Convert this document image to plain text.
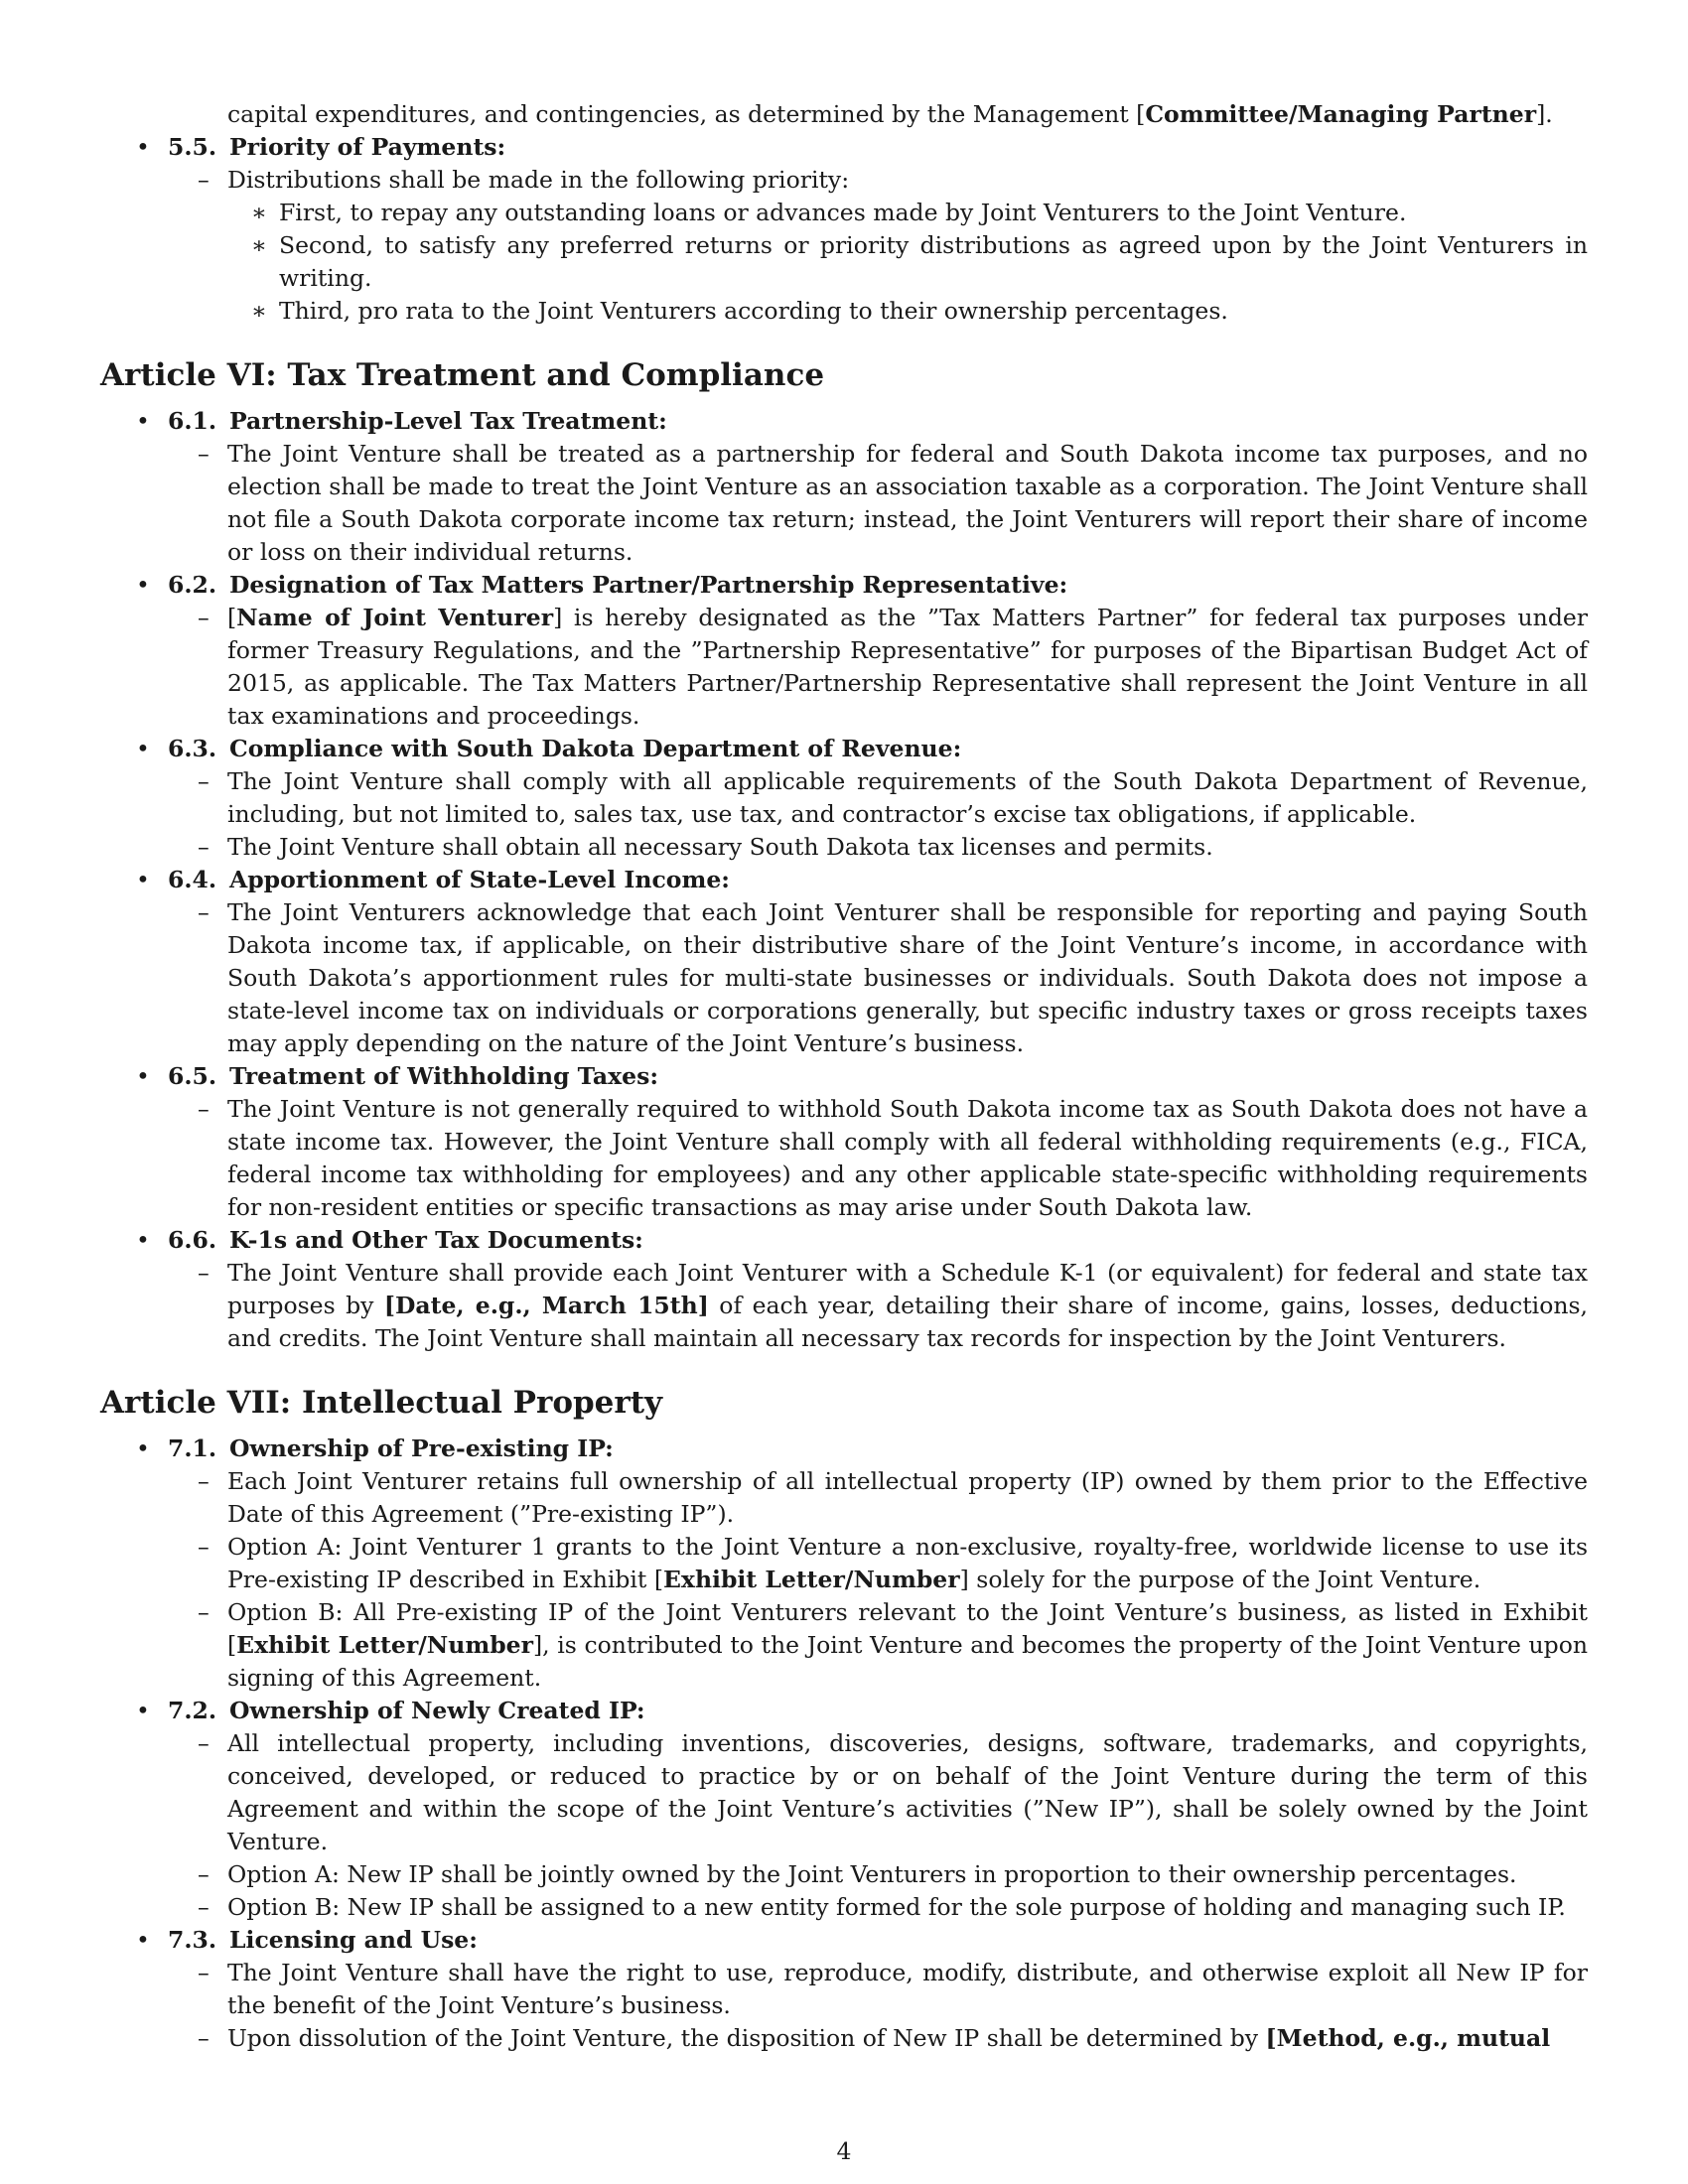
capital expenditures, and contingencies, as determined by the Management [Committee/Managing Partner].
• 5.5. Priority of Payments:
– Distributions shall be made in the following priority:
∗ First, to repay any outstanding loans or advances made by Joint Venturers to the Joint Venture.
∗ Second, to satisfy any preferred returns or priority distributions as agreed upon by the Joint Venturers in writing.
∗ Third, pro rata to the Joint Venturers according to their ownership percentages.
Article VI: Tax Treatment and Compliance
• 6.1. Partnership-Level Tax Treatment:
– The Joint Venture shall be treated as a partnership for federal and South Dakota income tax purposes, and no election shall be made to treat the Joint Venture as an association taxable as a corporation. The Joint Venture shall not file a South Dakota corporate income tax return; instead, the Joint Venturers will report their share of income or loss on their individual returns.
• 6.2. Designation of Tax Matters Partner/Partnership Representative:
– [Name of Joint Venturer] is hereby designated as the ”Tax Matters Partner” for federal tax purposes under former Treasury Regulations, and the ”Partnership Representative” for purposes of the Bipartisan Budget Act of 2015, as applicable. The Tax Matters Partner/Partnership Representative shall represent the Joint Venture in all tax examinations and proceedings.
• 6.3. Compliance with South Dakota Department of Revenue:
– The Joint Venture shall comply with all applicable requirements of the South Dakota Department of Revenue, including, but not limited to, sales tax, use tax, and contractor’s excise tax obligations, if applicable.
– The Joint Venture shall obtain all necessary South Dakota tax licenses and permits.
• 6.4. Apportionment of State-Level Income:
– The Joint Venturers acknowledge that each Joint Venturer shall be responsible for reporting and paying South Dakota income tax, if applicable, on their distributive share of the Joint Venture’s income, in accordance with South Dakota’s apportionment rules for multi-state businesses or individuals. South Dakota does not impose a state-level income tax on individuals or corporations generally, but specific industry taxes or gross receipts taxes may apply depending on the nature of the Joint Venture’s business.
• 6.5. Treatment of Withholding Taxes:
– The Joint Venture is not generally required to withhold South Dakota income tax as South Dakota does not have a state income tax. However, the Joint Venture shall comply with all federal withholding requirements (e.g., FICA, federal income tax withholding for employees) and any other applicable state-specific withholding requirements for non-resident entities or specific transactions as may arise under South Dakota law.
• 6.6. K-1s and Other Tax Documents:
– The Joint Venture shall provide each Joint Venturer with a Schedule K-1 (or equivalent) for federal and state tax purposes by [Date, e.g., March 15th] of each year, detailing their share of income, gains, losses, deductions, and credits. The Joint Venture shall maintain all necessary tax records for inspection by the Joint Venturers.
Article VII: Intellectual Property
• 7.1. Ownership of Pre-existing IP:
– Each Joint Venturer retains full ownership of all intellectual property (IP) owned by them prior to the Effective Date of this Agreement (”Pre-existing IP”).
– Option A: Joint Venturer 1 grants to the Joint Venture a non-exclusive, royalty-free, worldwide license to use its Pre-existing IP described in Exhibit [Exhibit Letter/Number] solely for the purpose of the Joint Venture.
– Option B: All Pre-existing IP of the Joint Venturers relevant to the Joint Venture’s business, as listed in Exhibit [Exhibit Letter/Number], is contributed to the Joint Venture and becomes the property of the Joint Venture upon signing of this Agreement.
• 7.2. Ownership of Newly Created IP:
– All intellectual property, including inventions, discoveries, designs, software, trademarks, and copyrights, conceived, developed, or reduced to practice by or on behalf of the Joint Venture during the term of this Agreement and within the scope of the Joint Venture’s activities (”New IP”), shall be solely owned by the Joint Venture.
– Option A: New IP shall be jointly owned by the Joint Venturers in proportion to their ownership percentages.
– Option B: New IP shall be assigned to a new entity formed for the sole purpose of holding and managing such IP.
• 7.3. Licensing and Use:
– The Joint Venture shall have the right to use, reproduce, modify, distribute, and otherwise exploit all New IP for the benefit of the Joint Venture’s business.
– Upon dissolution of the Joint Venture, the disposition of New IP shall be determined by [Method, e.g., mutual
4
